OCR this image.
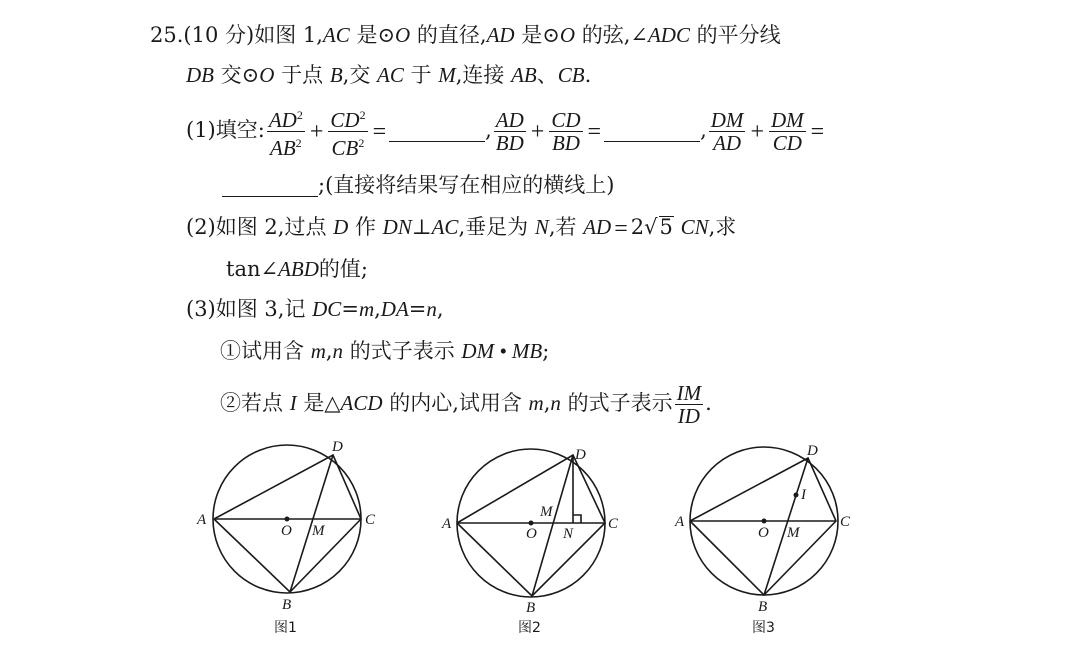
25.(10 分)如图 1,AC 是⊙O 的直径,AD 是⊙O 的弦,∠ADC 的平分线
DB 交⊙O 于点 B,交 AC 于 M,连接 AB、CB.
(1)填空: $\frac{AD^2}{AB^2} + \frac{CD^2}{CB^2}$ =	, $\frac{AD}{BD} + \frac{CD}{BD}$ =	, $\frac{DM}{AD} + \frac{DM}{CD}$ =
;(直接将结果写在相应的横线上)
(2)如图 2,过点 D 作 DN⊥AC,垂足为 N,若 AD = 2√5 CN,求
tan∠ABD的值;
(3)如图 3,记 DC=m,DA=n,
①试用含 m,n 的式子表示 DM • MB;
②若点 I 是△ACD 的内心,试用含 m,n 的式子表示 $\frac{IM}{ID}$ .
D
A	C
O M
B
图1
D
A	C
M
O N
B
图2
D
I
A	C
O M
B
图3
